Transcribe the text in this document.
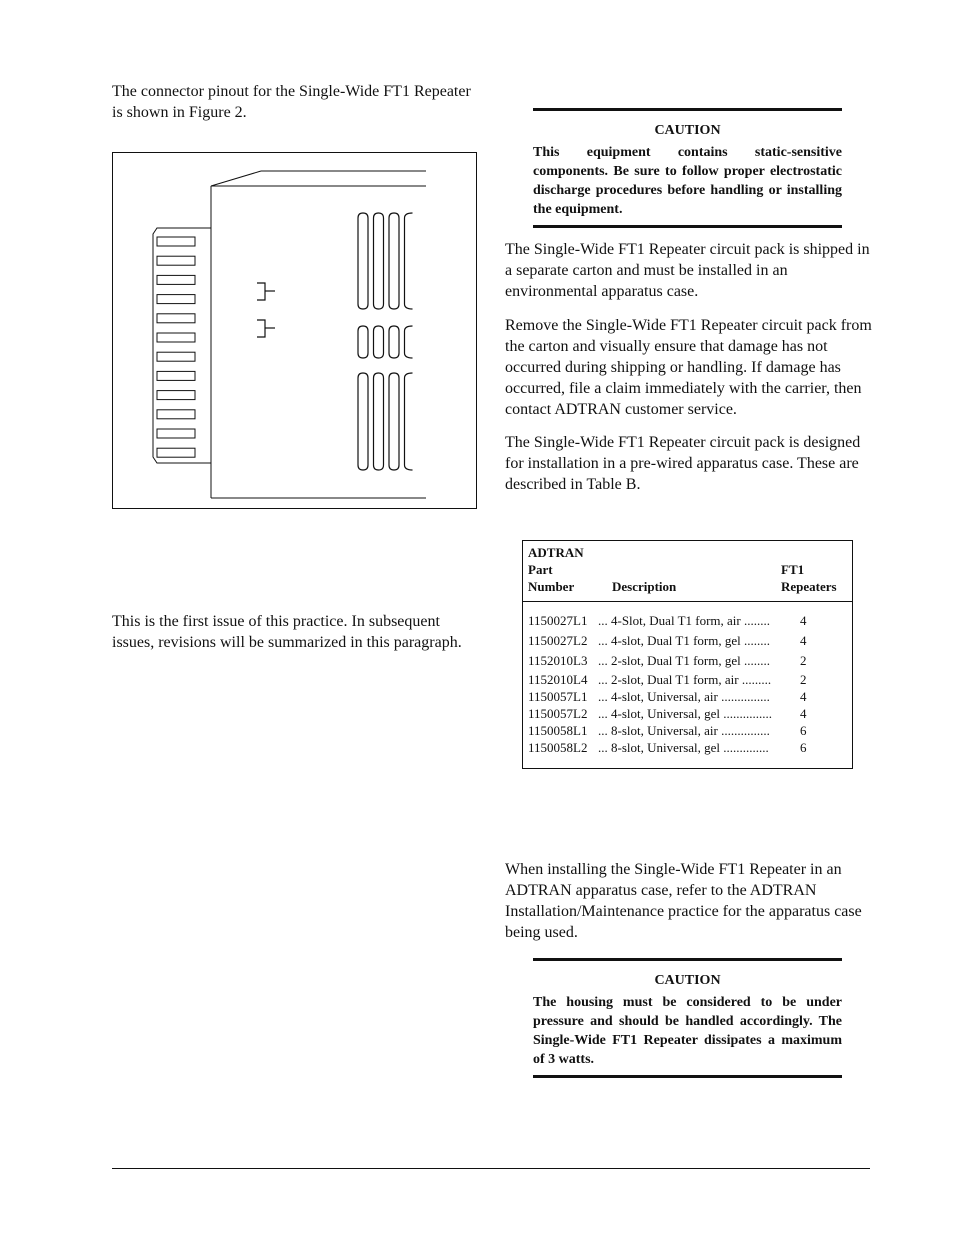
The connector pinout for the Single-Wide FT1 Repeater is shown in Figure 2.

This is the first issue of this practice. In subsequent issues, revisions will be summarized in this paragraph.

CAUTION

This equipment contains static-sensitive components. Be sure to follow proper electrostatic discharge procedures before handling or installing the equipment.

The Single-Wide FT1 Repeater circuit pack is shipped in a separate carton and must be installed in an environmental apparatus case.

Remove the Single-Wide FT1 Repeater circuit pack from the carton and visually ensure that damage has not occurred during shipping or handling. If damage has occurred, file a claim immediately with the carrier, then contact ADTRAN customer service.

The Single-Wide FT1 Repeater circuit pack is designed for installation in a pre-wired apparatus case. These are described in Table B.

ADTRAN
Part
Number	Description
FT1
Repeaters
1150027L1 ... 4-Slot, Dual T1 form, air ........ 4
1150027L2 ... 4-slot, Dual T1 form, gel ........ 4
1152010L3 ... 2-slot, Dual T1 form, gel ........ 2
1152010L4 ... 2-slot, Dual T1 form, air ......... 2
1150057L1 ... 4-slot, Universal, air ............... 4
1150057L2 ... 4-slot, Universal, gel ............... 4
1150058L1 ... 8-slot, Universal, air ............... 6
1150058L2 ... 8-slot, Universal, gel .............. 6

When installing the Single-Wide FT1 Repeater in an ADTRAN apparatus case, refer to the ADTRAN Installation/Maintenance practice for the apparatus case being used.

CAUTION

The housing must be considered to be under pressure and should be handled accordingly. The Single-Wide FT1 Repeater dissipates a maximum of 3 watts.
